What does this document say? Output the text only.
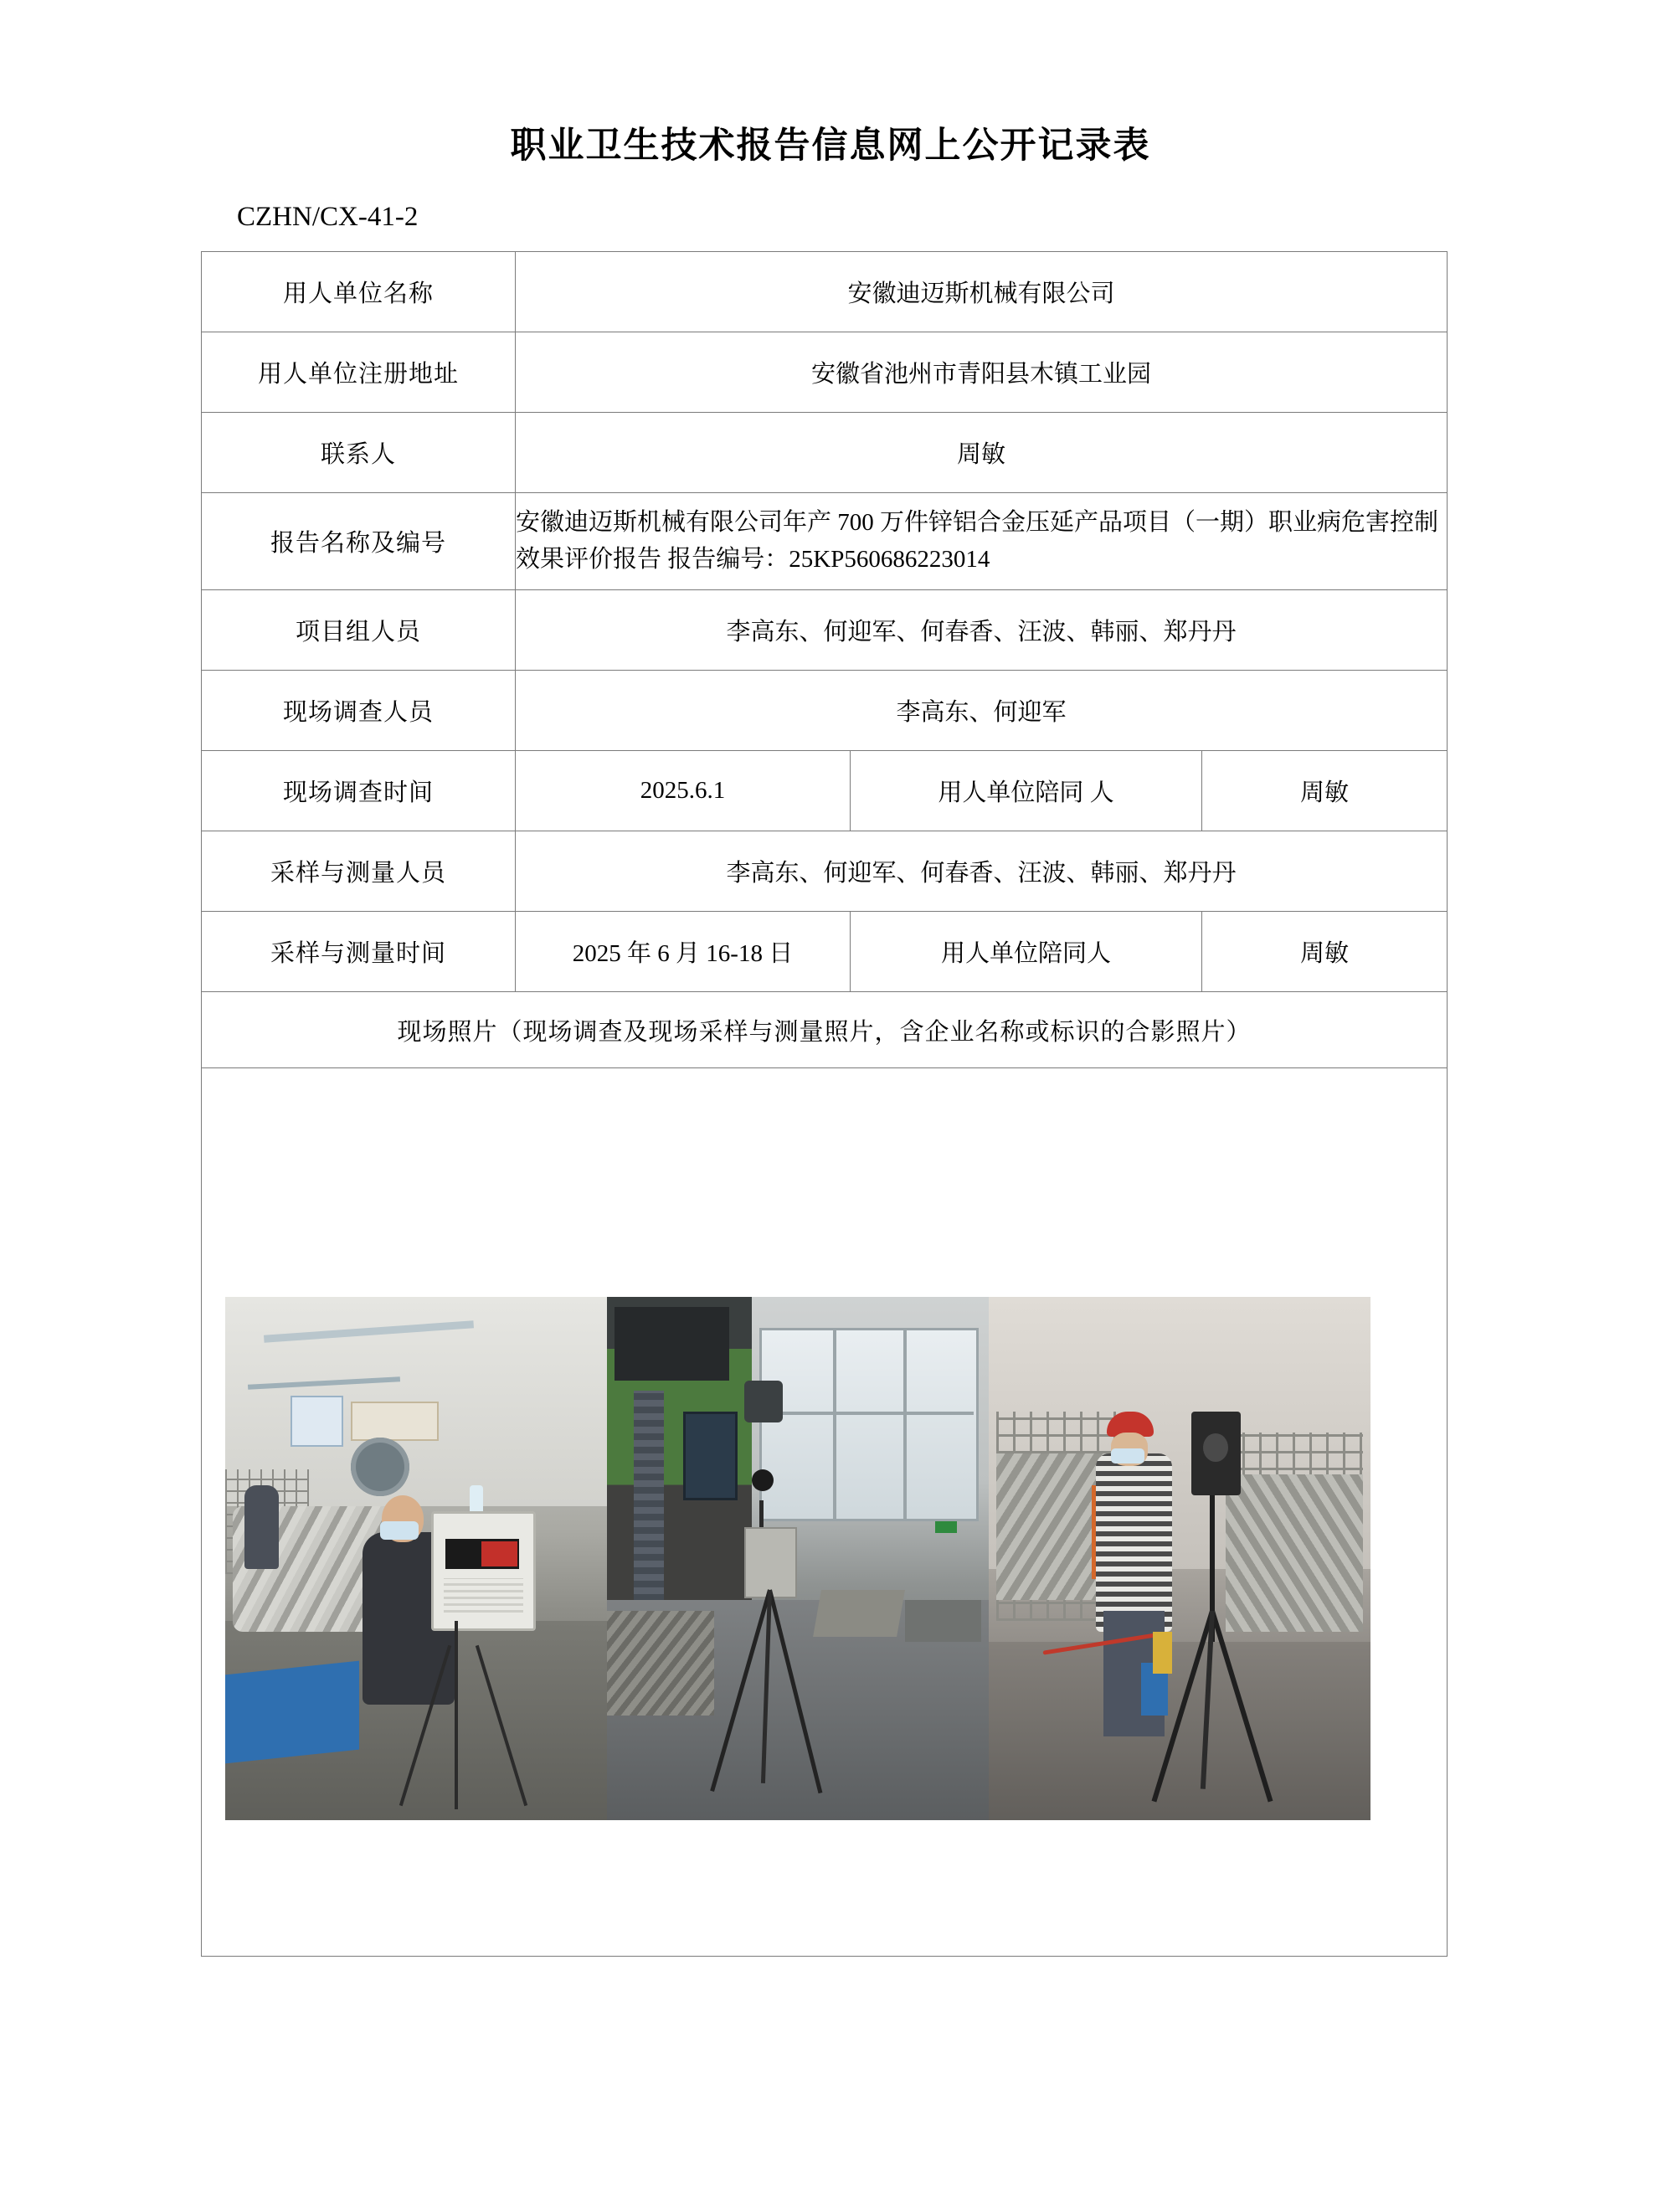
职业卫生技术报告信息网上公开记录表
CZHN/CX-41-2
用人单位名称	安徽迪迈斯机械有限公司		
用人单位注册地址	安徽省池州市青阳县木镇工业园		
联系人	周敏		
报告名称及编号	安徽迪迈斯机械有限公司年产 700 万件锌铝合金压延产品项目（一期）职业病危害控制效果评价报告 报告编号：25KP560686223014		
项目组人员	李高东、何迎军、何春香、汪波、韩丽、郑丹丹		
现场调查人员	李高东、何迎军		
现场调查时间	2025.6.1	用人单位陪同 人	周敏
采样与测量人员	李高东、何迎军、何春香、汪波、韩丽、郑丹丹		
采样与测量时间	2025 年 6 月 16-18 日	用人单位陪同人	周敏
现场照片（现场调查及现场采样与测量照片，含企业名称或标识的合影照片）			
